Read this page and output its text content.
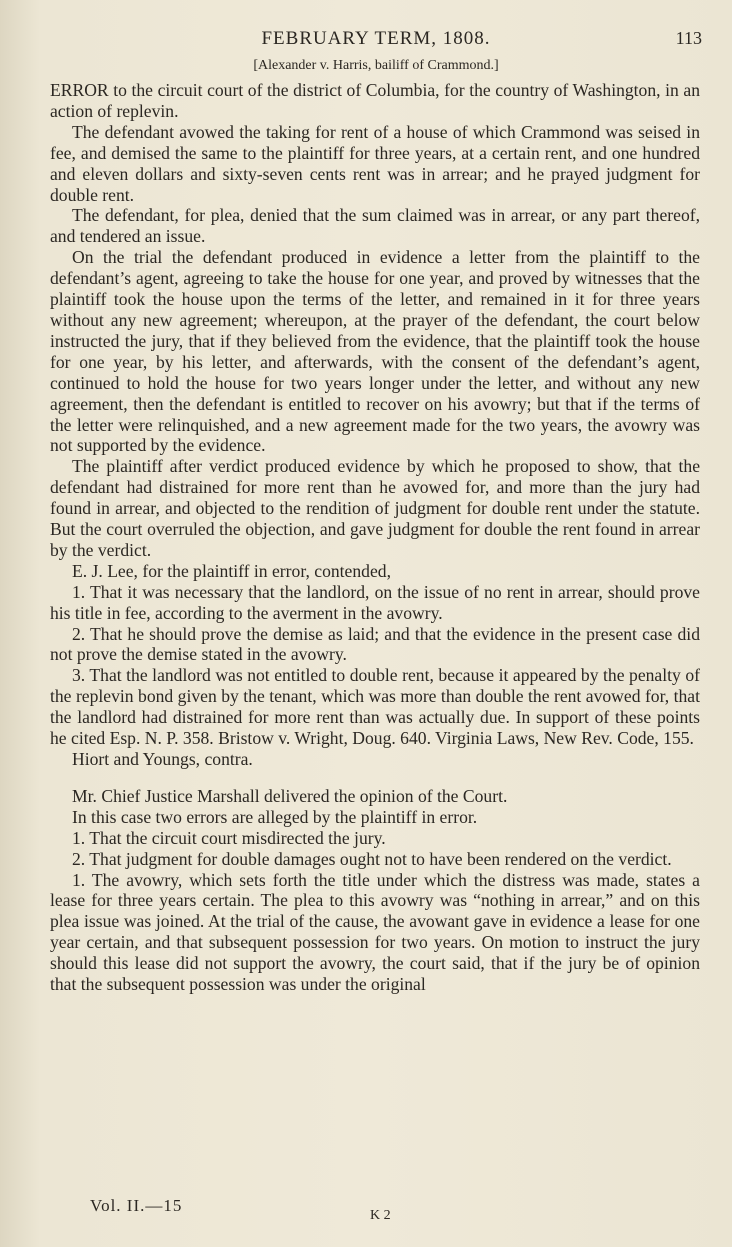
FEBRUARY TERM, 1808.	113
[Alexander v. Harris, bailiff of Crammond.]

ERROR to the circuit court of the district of Columbia, for the country of Washington, in an action of replevin.

The defendant avowed the taking for rent of a house of which Crammond was seised in fee, and demised the same to the plaintiff for three years, at a certain rent, and one hundred and eleven dollars and sixty-seven cents rent was in arrear; and he prayed judgment for double rent.

The defendant, for plea, denied that the sum claimed was in arrear, or any part thereof, and tendered an issue.

On the trial the defendant produced in evidence a letter from the plaintiff to the defendant’s agent, agreeing to take the house for one year, and proved by witnesses that the plaintiff took the house upon the terms of the letter, and remained in it for three years without any new agreement; whereupon, at the prayer of the defendant, the court below instructed the jury, that if they believed from the evidence, that the plaintiff took the house for one year, by his letter, and afterwards, with the consent of the defendant’s agent, continued to hold the house for two years longer under the letter, and without any new agreement, then the defendant is entitled to recover on his avowry; but that if the terms of the letter were relinquished, and a new agreement made for the two years, the avowry was not supported by the evidence.

The plaintiff after verdict produced evidence by which he proposed to show, that the defendant had distrained for more rent than he avowed for, and more than the jury had found in arrear, and objected to the rendition of judgment for double rent under the statute. But the court overruled the objection, and gave judgment for double the rent found in arrear by the verdict.

E. J. Lee, for the plaintiff in error, contended,

1. That it was necessary that the landlord, on the issue of no rent in arrear, should prove his title in fee, according to the averment in the avowry.

2. That he should prove the demise as laid; and that the evidence in the present case did not prove the demise stated in the avowry.

3. That the landlord was not entitled to double rent, because it appeared by the penalty of the replevin bond given by the tenant, which was more than double the rent avowed for, that the landlord had distrained for more rent than was actually due. In support of these points he cited Esp. N. P. 358. Bristow v. Wright, Doug. 640. Virginia Laws, New Rev. Code, 155.

Hiort and Youngs, contra.

Mr. Chief Justice Marshall delivered the opinion of the Court.

In this case two errors are alleged by the plaintiff in error.

1. That the circuit court misdirected the jury.

2. That judgment for double damages ought not to have been rendered on the verdict.

1. The avowry, which sets forth the title under which the distress was made, states a lease for three years certain. The plea to this avowry was “nothing in arrear,” and on this plea issue was joined. At the trial of the cause, the avowant gave in evidence a lease for one year certain, and that subsequent possession for two years. On motion to instruct the jury should this lease did not support the avowry, the court said, that if the jury be of opinion that the subsequent possession was under the original

Vol. II.—15
K 2
